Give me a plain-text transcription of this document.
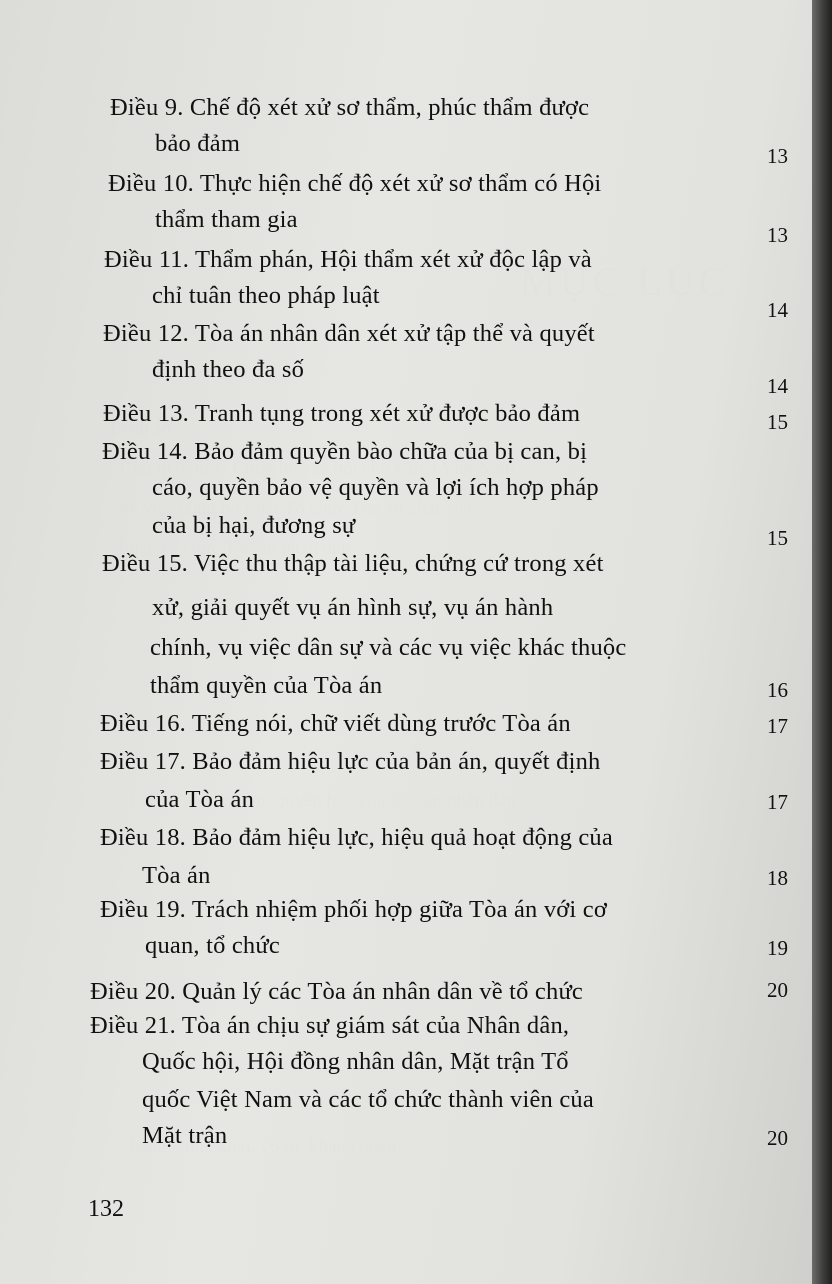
Điều 9. Chế độ xét xử sơ thẩm, phúc thẩm được
bảo đảm	13
Điều 10. Thực hiện chế độ xét xử sơ thẩm có Hội
thẩm tham gia
13
Điều 11. Thẩm phán, Hội thẩm xét xử độc lập và
chỉ tuân theo pháp luật
14
Điều 12. Tòa án nhân dân xét xử tập thể và quyết
định theo đa số
14
Điều 13. Tranh tụng trong xét xử được bảo đảm	15
Điều 14. Bảo đảm quyền bào chữa của bị can, bị
cáo, quyền bảo vệ quyền và lợi ích hợp pháp
của bị hại, đương sự	15
Điều 15. Việc thu thập tài liệu, chứng cứ trong xét
xử, giải quyết vụ án hình sự, vụ án hành
chính, vụ việc dân sự và các vụ việc khác thuộc
thẩm quyền của Tòa án	16
Điều 16. Tiếng nói, chữ viết dùng trước Tòa án	17
Điều 17. Bảo đảm hiệu lực của bản án, quyết định
của Tòa án	17
Điều 18. Bảo đảm hiệu lực, hiệu quả hoạt động của
Tòa án	18
Điều 19. Trách nhiệm phối hợp giữa Tòa án với cơ
quan, tổ chức	19
Điều 20. Quản lý các Tòa án nhân dân về tổ chức	20
Điều 21. Tòa án chịu sự giám sát của Nhân dân,
Quốc hội, Hội đồng nhân dân, Mặt trận Tổ
quốc Việt Nam và các tổ chức thành viên của
Mặt trận	20
132
